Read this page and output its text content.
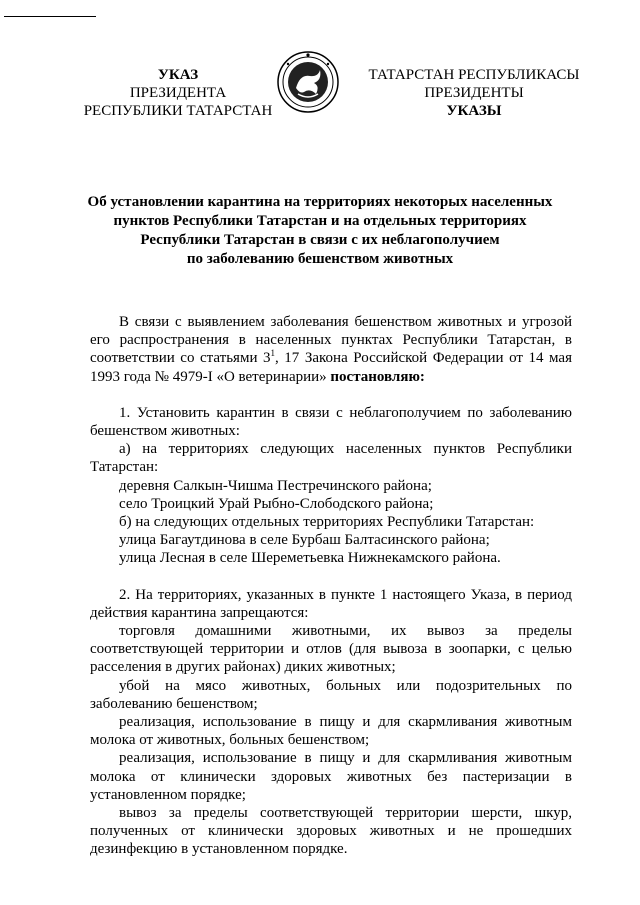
УКАЗ
ПРЕЗИДЕНТА
РЕСПУБЛИКИ ТАТАРСТАН
ТАТАРСТАН РЕСПУБЛИКАСЫ
ПРЕЗИДЕНТЫ
УКАЗЫ
Об установлении карантина на территориях некоторых населенных
пунктов Республики Татарстан и на отдельных территориях
Республики Татарстан в связи с их неблагополучием
по заболеванию бешенством животных

В связи с выявлением заболевания бешенством животных и угрозой его распространения в населенных пунктах Республики Татарстан, в соответствии со статьями $3^1$, 17 Закона Российской Федерации от 14 мая 1993 года № 4979-I «О ветеринарии» постановляю:

1. Установить карантин в связи с неблагополучием по заболеванию бешенством животных:

а) на территориях следующих населенных пунктов Республики Татарстан:

деревня Салкын-Чишма Пестречинского района;

село Троицкий Урай Рыбно-Слободского района;

б) на следующих отдельных территориях Республики Татарстан:

улица Багаутдинова в селе Бурбаш Балтасинского района;

улица Лесная в селе Шереметьевка Нижнекамского района.

2. На территориях, указанных в пункте 1 настоящего Указа, в период действия карантина запрещаются:

торговля домашними животными, их вывоз за пределы соответствующей территории и отлов (для вывоза в зоопарки, с целью расселения в других районах) диких животных;

убой на мясо животных, больных или подозрительных по заболеванию бешенством;

реализация, использование в пищу и для скармливания животным молока от животных, больных бешенством;

реализация, использование в пищу и для скармливания животным молока от клинически здоровых животных без пастеризации в установленном порядке;

вывоз за пределы соответствующей территории шерсти, шкур, полученных от клинически здоровых животных и не прошедших дезинфекцию в установленном порядке.
